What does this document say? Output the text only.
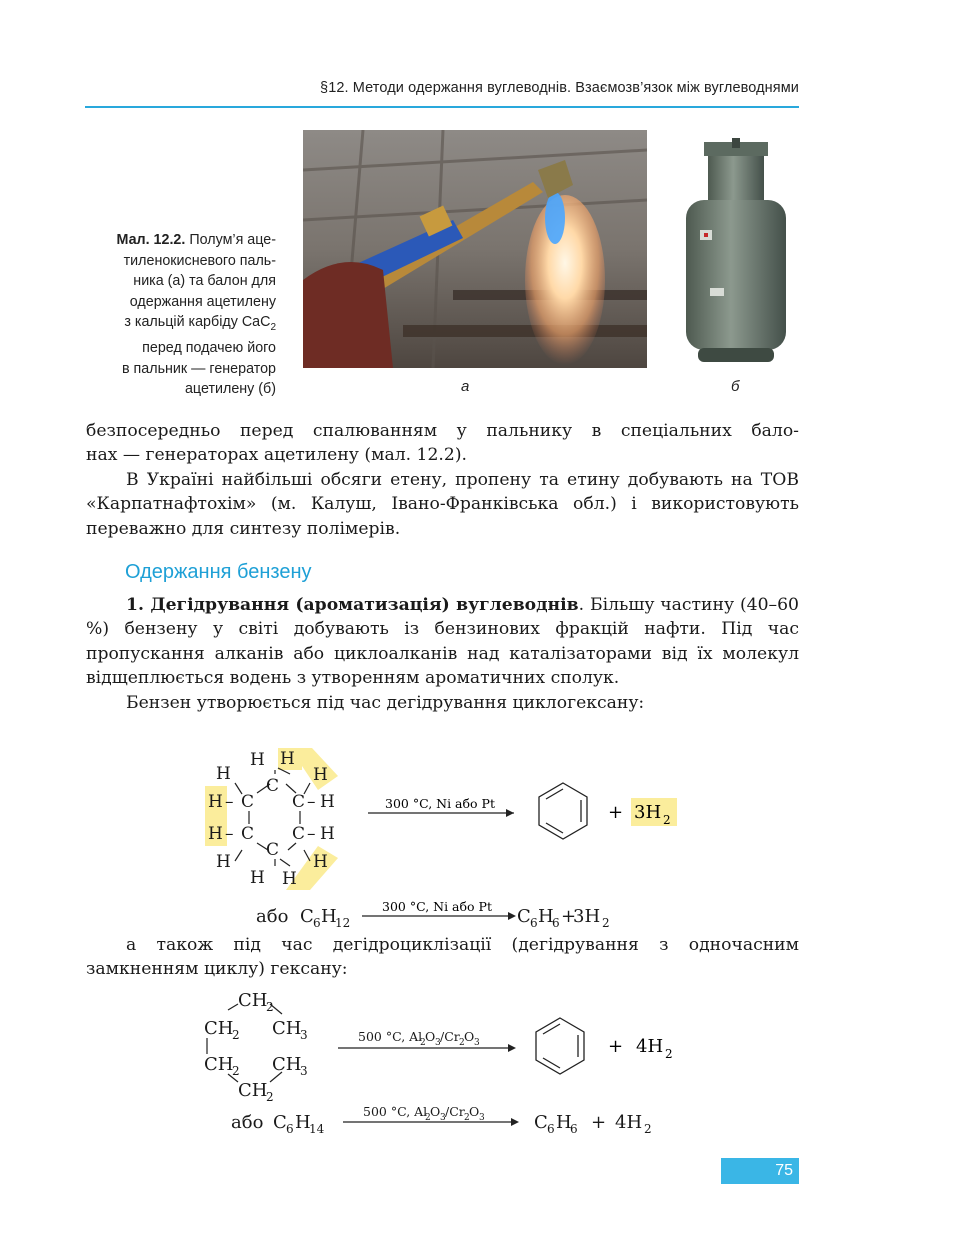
§12. Методи одержання вуглеводнів. Взаємозв’язок між вуглеводнями
Мал. 12.2. Полум’я аце-
тиленокисневого паль-
ника (а) та балон для
одержання ацетилену
з кальцій карбіду CaC$_2$
перед подачею його
в пальник — генератор
ацетилену (б)	а	б

безпосередньо перед спалюванням у пальнику в спеціальних бало-

нах — генераторах ацетилену (мал. 12.2).

В Україні найбільші обсяги етену, пропену та етину добувають на ТОВ «Карпатнафтохім» (м. Калуш, Івано-Франківська обл.) і використовують переважно для синтезу полімерів.

Одержання бензену

1. Дегідрування (ароматизація) вуглеводнів. Більшу частину (40–60 %) бензену у світі добувають із бензинових фракцій нафти. Під час пропускання алканів або циклоалканів над каталізаторами від їх молекул відщеплюється водень з утворенням ароматичних сполук.

Бензен утворюється під час дегідрування циклогексану:

H H
H	H
C
H – C C – H
H – C C – H
C
H	H
H H
300 °C, Ni або Pt	+ 3H 2
або C 6 H
12	C 6 H
6 +
3H 2
300 °C, Ni або Pt

а також під час дегідроциклізації (дегідрування з одночасним замкненням циклу) гексану:

CH
2
CH
2 CH
3
CH
2 CH
3
CH
2
500 °C, Al
2 O 3 /Cr 2 O 3	+ 4H 2
або C 6 H
14	C 6 H
6 + 4H 2
500 °C, Al
2 O 3 /Cr 2 O 3
75
